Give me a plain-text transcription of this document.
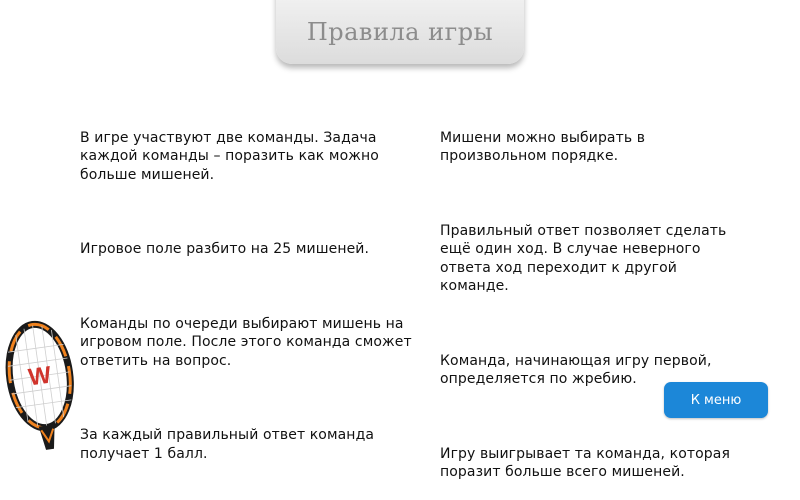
Правила игры

В игре участвуют две команды. Задача каждой команды – поразить как можно больше мишеней.

Игровое поле разбито на 25 мишеней.

Команды по очереди выбирают мишень на игровом поле. После этого команда сможет ответить на вопрос.

За каждый правильный ответ команда получает 1 балл.

Мишени можно выбирать в произвольном порядке.

Правильный ответ позволяет сделать ещё один ход. В случае неверного ответа ход переходит к другой команде.

Команда, начинающая игру первой, определяется по жребию.

Игру выигрывает та команда, которая поразит больше всего мишеней.

К меню
W
